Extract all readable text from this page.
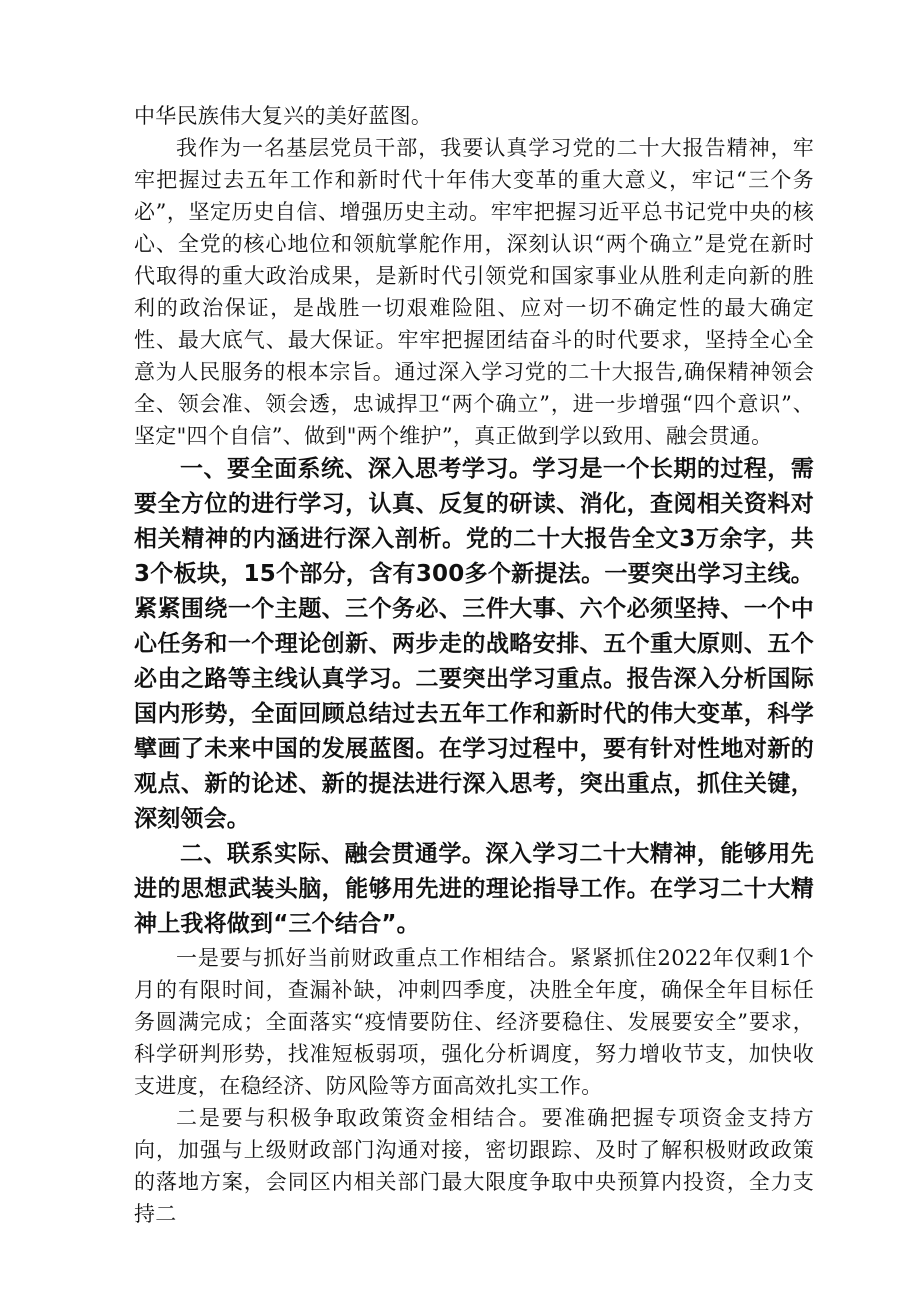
中华民族伟大复兴的美好蓝图。

我作为一名基层党员干部，我要认真学习党的二十大报告精神，牢牢把握过去五年工作和新时代十年伟大变革的重大意义，牢记“三个务必”，坚定历史自信、增强历史主动。牢牢把握习近平总书记党中央的核心、全党的核心地位和领航掌舵作用，深刻认识“两个确立”是党在新时代取得的重大政治成果，是新时代引领党和国家事业从胜利走向新的胜利的政治保证，是战胜一切艰难险阻、应对一切不确定性的最大确定性、最大底气、最大保证。牢牢把握团结奋斗的时代要求，坚持全心全意为人民服务的根本宗旨。通过深入学习党的二十大报告,确保精神领会全、领会准、领会透，忠诚捍卫“两个确立”，进一步增强“四个意识”、坚定"四个自信”、做到"两个维护”，真正做到学以致用、融会贯通。

一、要全面系统、深入思考学习。学习是一个长期的过程，需要全方位的进行学习，认真、反复的研读、消化，查阅相关资料对相关精神的内涵进行深入剖析。党的二十大报告全文3万余字，共3个板块，15个部分，含有300多个新提法。一要突出学习主线。紧紧围绕一个主题、三个务必、三件大事、六个必须坚持、一个中心任务和一个理论创新、两步走的战略安排、五个重大原则、五个必由之路等主线认真学习。二要突出学习重点。报告深入分析国际国内形势，全面回顾总结过去五年工作和新时代的伟大变革，科学擘画了未来中国的发展蓝图。在学习过程中，要有针对性地对新的观点、新的论述、新的提法进行深入思考，突出重点，抓住关键，深刻领会。

二、联系实际、融会贯通学。深入学习二十大精神，能够用先进的思想武装头脑，能够用先进的理论指导工作。在学习二十大精神上我将做到“三个结合”。

一是要与抓好当前财政重点工作相结合。紧紧抓住2022年仅剩1个月的有限时间，查漏补缺，冲刺四季度，决胜全年度，确保全年目标任务圆满完成；全面落实“疫情要防住、经济要稳住、发展要安全”要求，科学研判形势，找准短板弱项，强化分析调度，努力增收节支，加快收支进度，在稳经济、防风险等方面高效扎实工作。

二是要与积极争取政策资金相结合。要准确把握专项资金支持方向，加强与上级财政部门沟通对接，密切跟踪、及时了解积极财政政策的落地方案，会同区内相关部门最大限度争取中央预算内投资，全力支持二
